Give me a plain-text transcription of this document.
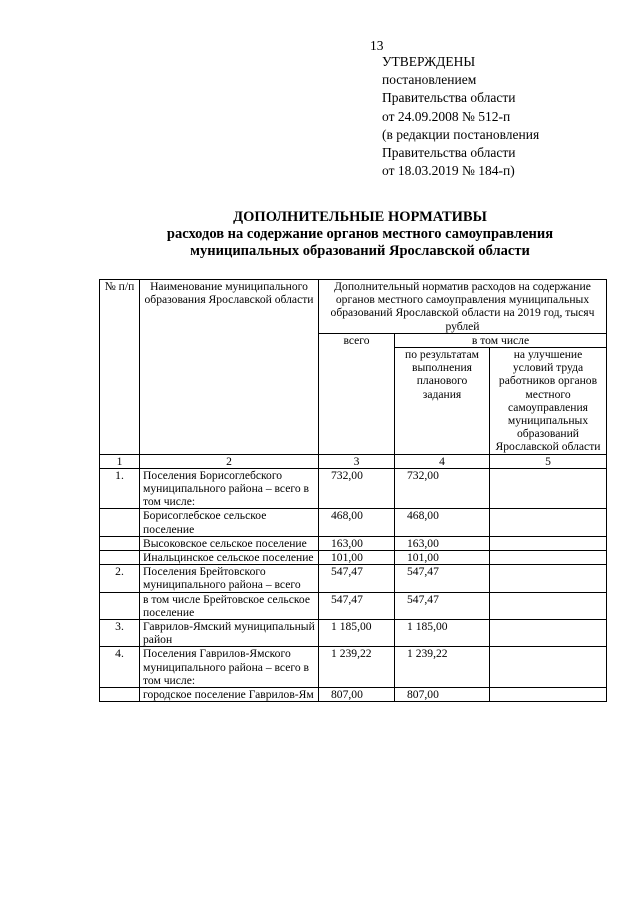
13
УТВЕРЖДЕНЫ
постановлением
Правительства области
от 24.09.2008 № 512-п
(в редакции постановления
Правительства области
от 18.03.2019 № 184-п)
ДОПОЛНИТЕЛЬНЫЕ НОРМАТИВЫ
расходов на содержание органов местного самоуправления
муниципальных образований Ярославской области
№ п/п	Наименование муниципального образования Ярославской области	Дополнительный норматив расходов на содержание органов местного самоуправления муниципальных образований Ярославской области на 2019 год, тысяч рублей		
		всего	в том числе	
			по результатам выполнения планового задания	на улучшение условий труда работников органов местного самоуправления муниципальных образований Ярославской области
1	2	3	4	5
1.	Поселения Борисоглебского муниципального района – всего в том числе:	732,00	732,00	
	Борисоглебское сельское поселение	468,00	468,00	
	Высоковское сельское поселение	163,00	163,00	
	Инальцинское сельское поселение	101,00	101,00	
2.	Поселения Брейтовского муниципального района – всего	547,47	547,47	
	в том числе Брейтовское сельское поселение	547,47	547,47	
3.	Гаврилов-Ямский муниципальный район	1 185,00	1 185,00	
4.	Поселения Гаврилов-Ямского муниципального района – всего в том числе:	1 239,22	1 239,22	
	городское поселение Гаврилов-Ям	807,00	807,00	
